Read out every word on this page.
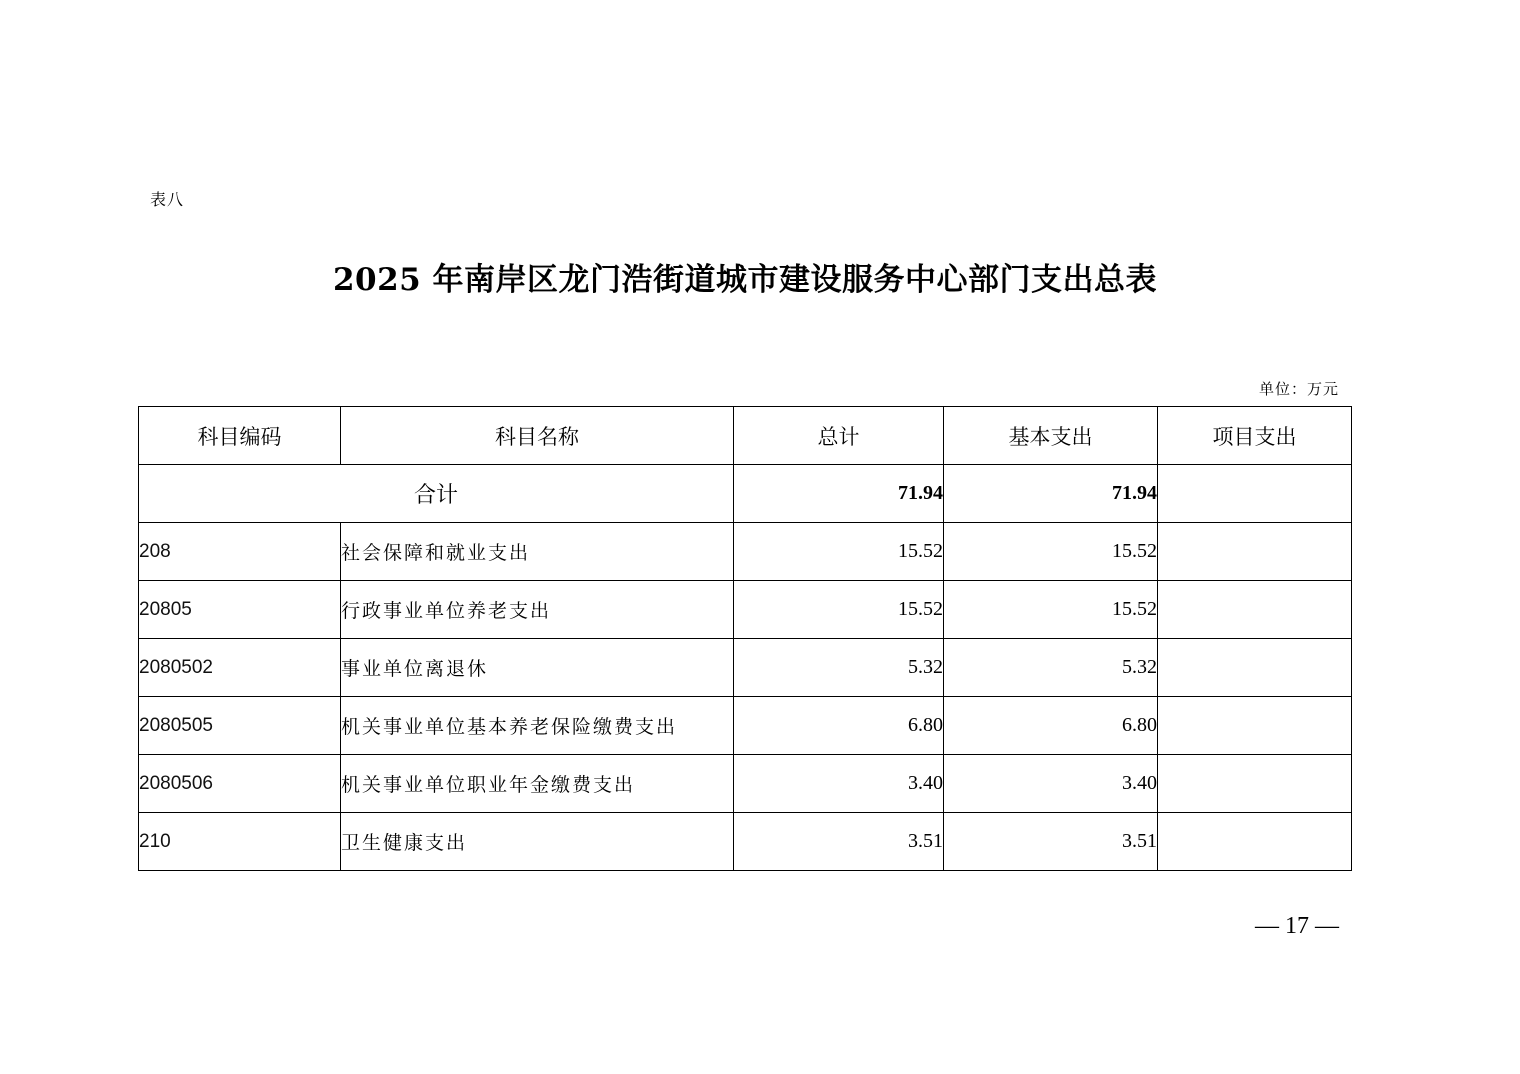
表八
2025 年南岸区龙门浩街道城市建设服务中心部门支出总表
单位：万元
科目编码	科目名称	总计	基本支出	项目支出
合计		71.94	71.94	
208	社会保障和就业支出	15.52	15.52	
20805	行政事业单位养老支出	15.52	15.52	
2080502	事业单位离退休	5.32	5.32	
2080505	机关事业单位基本养老保险缴费支出	6.80	6.80	
2080506	机关事业单位职业年金缴费支出	3.40	3.40	
210	卫生健康支出	3.51	3.51	
— 17 —
